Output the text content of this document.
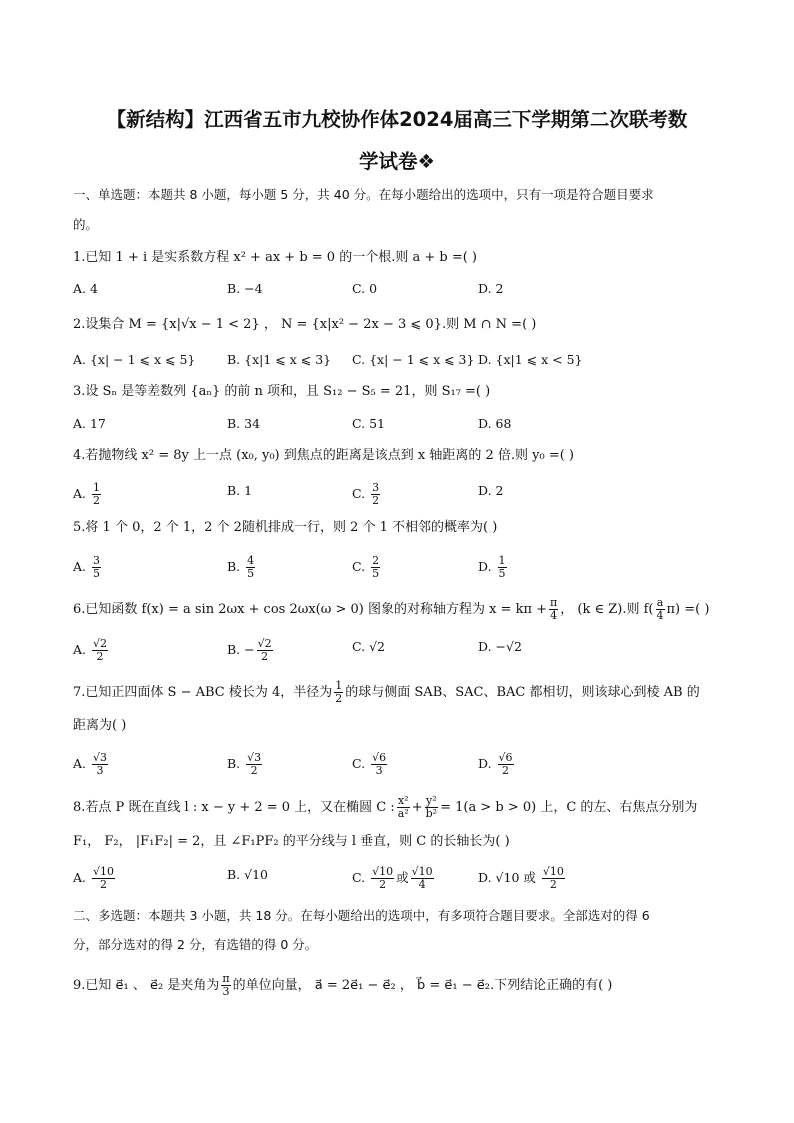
【新结构】江西省五市九校协作体2024届高三下学期第二次联考数
学试卷❖
一、单选题：本题共 8 小题，每小题 5 分，共 40 分。在每小题给出的选项中，只有一项是符合题目要求
的。
1.已知 1 + i 是实系数方程 x² + ax + b = 0 的一个根.则 a + b =( )
A. 4	B. −4	C. 0	D. 2
2.设集合 M = {x|√x − 1 < 2} ， N = {x|x² − 2x − 3 ⩽ 0}.则 M ∩ N =( )
A. {x| − 1 ⩽ x ⩽ 5}	B. {x|1 ⩽ x ⩽ 3} C. {x| − 1 ⩽ x ⩽ 3} D. {x|1 ⩽ x < 5}
3.设 Sₙ 是等差数列 {aₙ} 的前 n 项和，且 S₁₂ − S₅ = 21，则 S₁₇ =( )
A. 17	B. 34	C. 51	D. 68
4.若抛物线 x² = 8y 上一点 (x₀, y₀) 到焦点的距离是该点到 x 轴距离的 2 倍.则 y₀ =( )
A. $\frac{1}{2}$	B. 1	C. $\frac{3}{2}$	D. 2
5.将 1 个 0，2 个 1，2 个 2随机排成一行，则 2 个 1 不相邻的概率为( )
A. $\frac{3}{5}$	B. $\frac{4}{5}$	C. $\frac{2}{5}$	D. $\frac{1}{5}$
6.已知函数 f(x) = a sin 2ωx + cos 2ωx(ω > 0) 图象的对称轴方程为 $x = k\pi + \frac{\pi}{4}$ ， (k ∈ Z).则 $f( \frac{a}{4} \pi)$ =( )
A. $\frac{√2}{2}$	B. − $\frac{√2}{2}$	C. √2	D. −√2
7.已知正四面体 S − ABC 棱长为 4，半径为 $\frac{1}{2}$ 的球与侧面 SAB、SAC、BAC 都相切，则该球心到棱 AB 的
距离为( )
A. $\frac{√3}{3}$	B. $\frac{√3}{2}$	C. $\frac{√6}{3}$	D. $\frac{√6}{2}$
8.若点 P 既在直线 l : x − y + 2 = 0 上，又在椭圆 C : $\frac{\text{x²}}{\text{a²}} + \frac{\text{y²}}{\text{b²}} = 1(a > b > 0)$ 上，C 的左、右焦点分别为
F₁， F₂， |F₁F₂| = 2，且 ∠F₁PF₂ 的平分线与 l 垂直，则 C 的长轴长为( )
A. $\frac{√10}{2}$	B. √10	C. $\frac{√10}{2}$ 或 $\frac{√10}{4}$	D. √10 或 $\frac{√10}{2}$
二、多选题：本题共 3 小题，共 18 分。在每小题给出的选项中，有多项符合题目要求。全部选对的得 6
分，部分选对的得 2 分，有选错的得 0 分。
9.已知 e⃗₁ 、 e⃗₂ 是夹角为 $\frac{\pi}{3}$ 的单位向量， a⃗ = 2e⃗₁ − e⃗₂ ， b⃗ = e⃗₁ − e⃗₂.下列结论正确的有( )
